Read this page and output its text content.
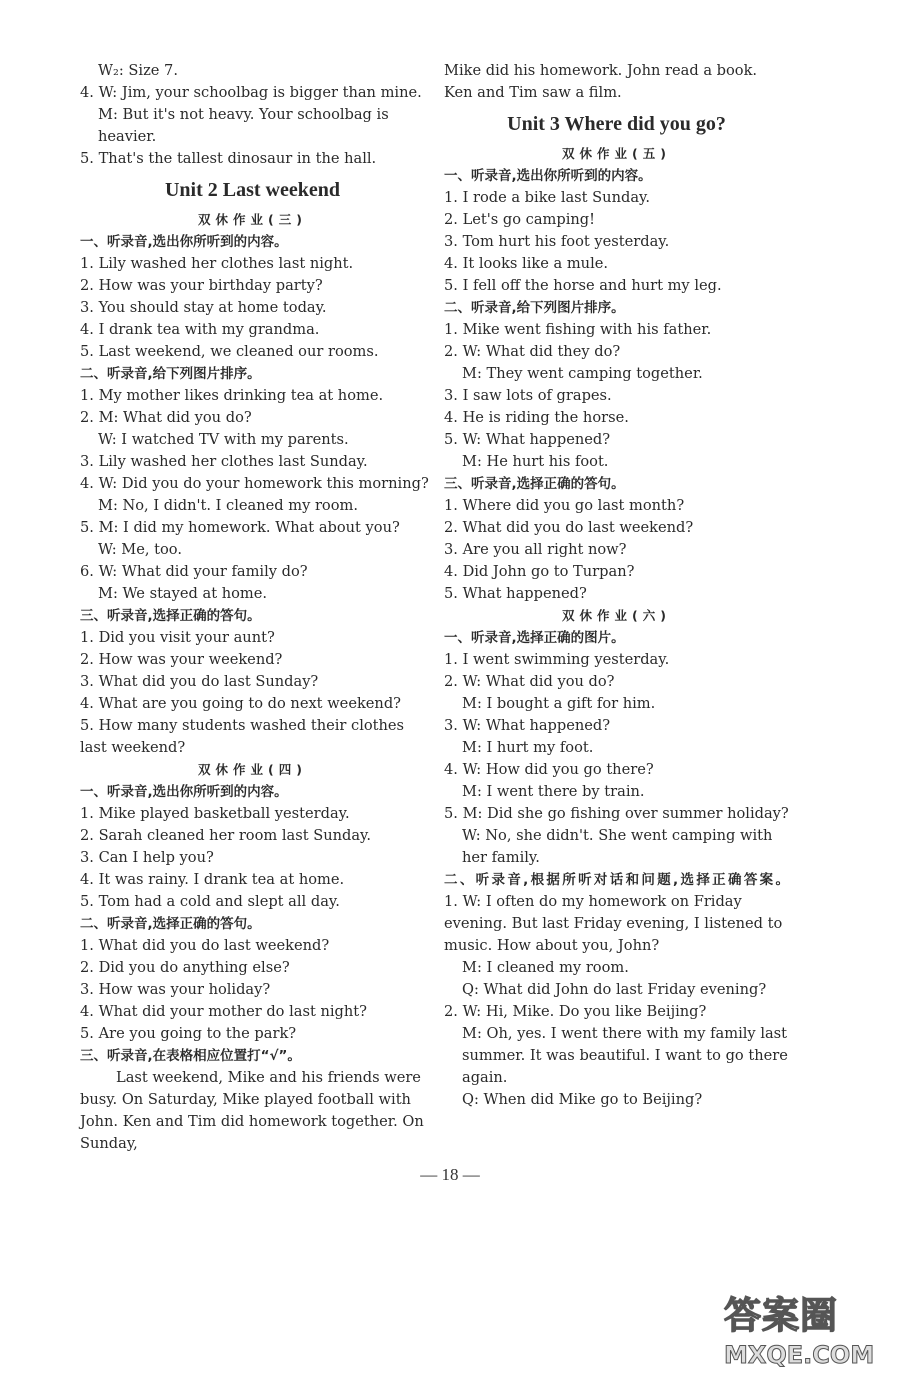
W₂: Size 7.
4. W: Jim, your schoolbag is bigger than mine.
M: But it's not heavy. Your schoolbag is heavier.
5. That's the tallest dinosaur in the hall.
Unit 2 Last weekend
双休作业(三)
一、听录音,选出你所听到的内容。
1. Lily washed her clothes last night.
2. How was your birthday party?
3. You should stay at home today.
4. I drank tea with my grandma.
5. Last weekend, we cleaned our rooms.
二、听录音,给下列图片排序。
1. My mother likes drinking tea at home.
2. M: What did you do?
W: I watched TV with my parents.
3. Lily washed her clothes last Sunday.
4. W: Did you do your homework this morning?
M: No, I didn't. I cleaned my room.
5. M: I did my homework. What about you?
W: Me, too.
6. W: What did your family do?
M: We stayed at home.
三、听录音,选择正确的答句。
1. Did you visit your aunt?
2. How was your weekend?
3. What did you do last Sunday?
4. What are you going to do next weekend?
5. How many students washed their clothes last weekend?
双休作业(四)
一、听录音,选出你所听到的内容。
1. Mike played basketball yesterday.
2. Sarah cleaned her room last Sunday.
3. Can I help you?
4. It was rainy. I drank tea at home.
5. Tom had a cold and slept all day.
二、听录音,选择正确的答句。
1. What did you do last weekend?
2. Did you do anything else?
3. How was your holiday?
4. What did your mother do last night?
5. Are you going to the park?
三、听录音,在表格相应位置打“√”。
Last weekend, Mike and his friends were busy. On Saturday, Mike played football with John. Ken and Tim did homework together. On Sunday,
Mike did his homework. John read a book. Ken and Tim saw a film.
Unit 3 Where did you go?
双休作业(五)
一、听录音,选出你所听到的内容。
1. I rode a bike last Sunday.
2. Let's go camping!
3. Tom hurt his foot yesterday.
4. It looks like a mule.
5. I fell off the horse and hurt my leg.
二、听录音,给下列图片排序。
1. Mike went fishing with his father.
2. W: What did they do?
M: They went camping together.
3. I saw lots of grapes.
4. He is riding the horse.
5. W: What happened?
M: He hurt his foot.
三、听录音,选择正确的答句。
1. Where did you go last month?
2. What did you do last weekend?
3. Are you all right now?
4. Did John go to Turpan?
5. What happened?
双休作业(六)
一、听录音,选择正确的图片。
1. I went swimming yesterday.
2. W: What did you do?
M: I bought a gift for him.
3. W: What happened?
M: I hurt my foot.
4. W: How did you go there?
M: I went there by train.
5. M: Did she go fishing over summer holiday?
W: No, she didn't. She went camping with her family.
二、听录音,根据所听对话和问题,选择正确答案。
1. W: I often do my homework on Friday evening. But last Friday evening, I listened to music. How about you, John?
M: I cleaned my room.
Q: What did John do last Friday evening?
2. W: Hi, Mike. Do you like Beijing?
M: Oh, yes. I went there with my family last summer. It was beautiful. I want to go there again.
Q: When did Mike go to Beijing?
— 18 —
答案圈
MXQE.COM
